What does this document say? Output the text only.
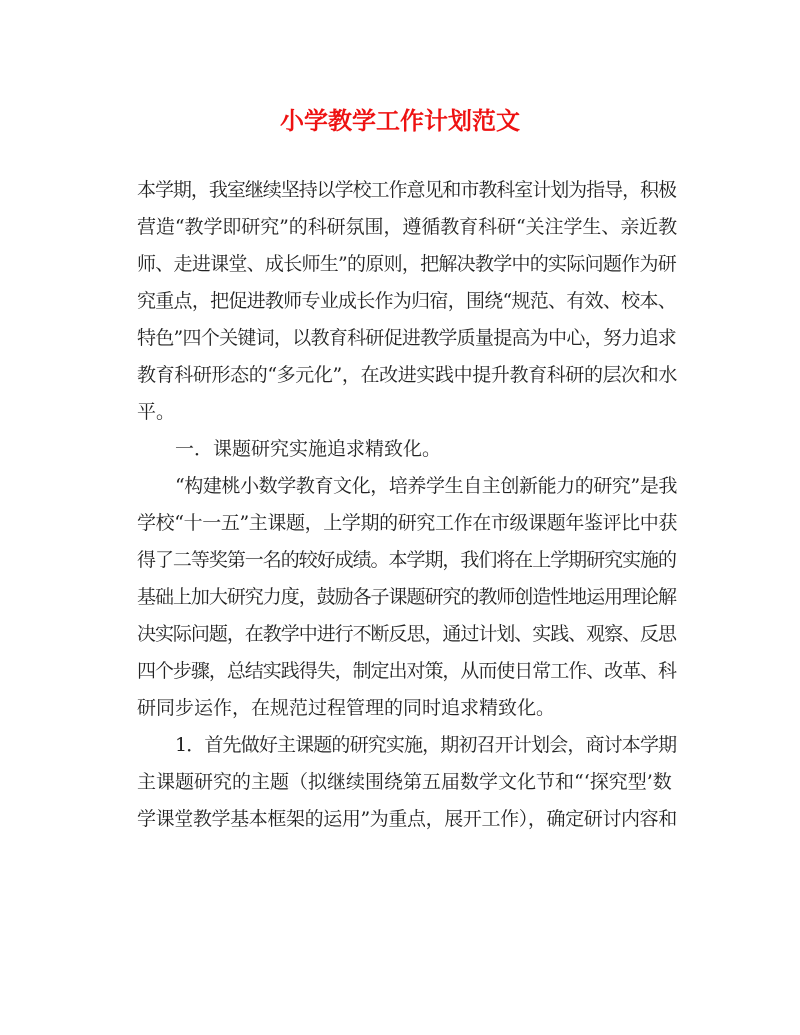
小学教学工作计划范文

本学期，我室继续坚持以学校工作意见和市教科室计划为指导，积极
营造“教学即研究”的科研氛围，遵循教育科研“关注学生、亲近教
师、走进课堂、成长师生”的原则，把解决教学中的实际问题作为研
究重点，把促进教师专业成长作为归宿，围绕“规范、有效、校本、
特色”四个关键词，以教育科研促进教学质量提高为中心，努力追求
教育科研形态的“多元化”，在改进实践中提升教育科研的层次和水
平。

一．课题研究实施追求精致化。

“构建桃小数学教育文化，培养学生自主创新能力的研究”是我
学校“十一五”主课题，上学期的研究工作在市级课题年鉴评比中获
得了二等奖第一名的较好成绩。本学期，我们将在上学期研究实施的
基础上加大研究力度，鼓励各子课题研究的教师创造性地运用理论解
决实际问题，在教学中进行不断反思，通过计划、实践、观察、反思
四个步骤，总结实践得失，制定出对策，从而使日常工作、改革、科
研同步运作，在规范过程管理的同时追求精致化。

1．首先做好主课题的研究实施，期初召开计划会，商讨本学期
主课题研究的主题（拟继续围绕第五届数学文化节和“‘探究型’数
学课堂教学基本框架的运用”为重点，展开工作），确定研讨内容和
